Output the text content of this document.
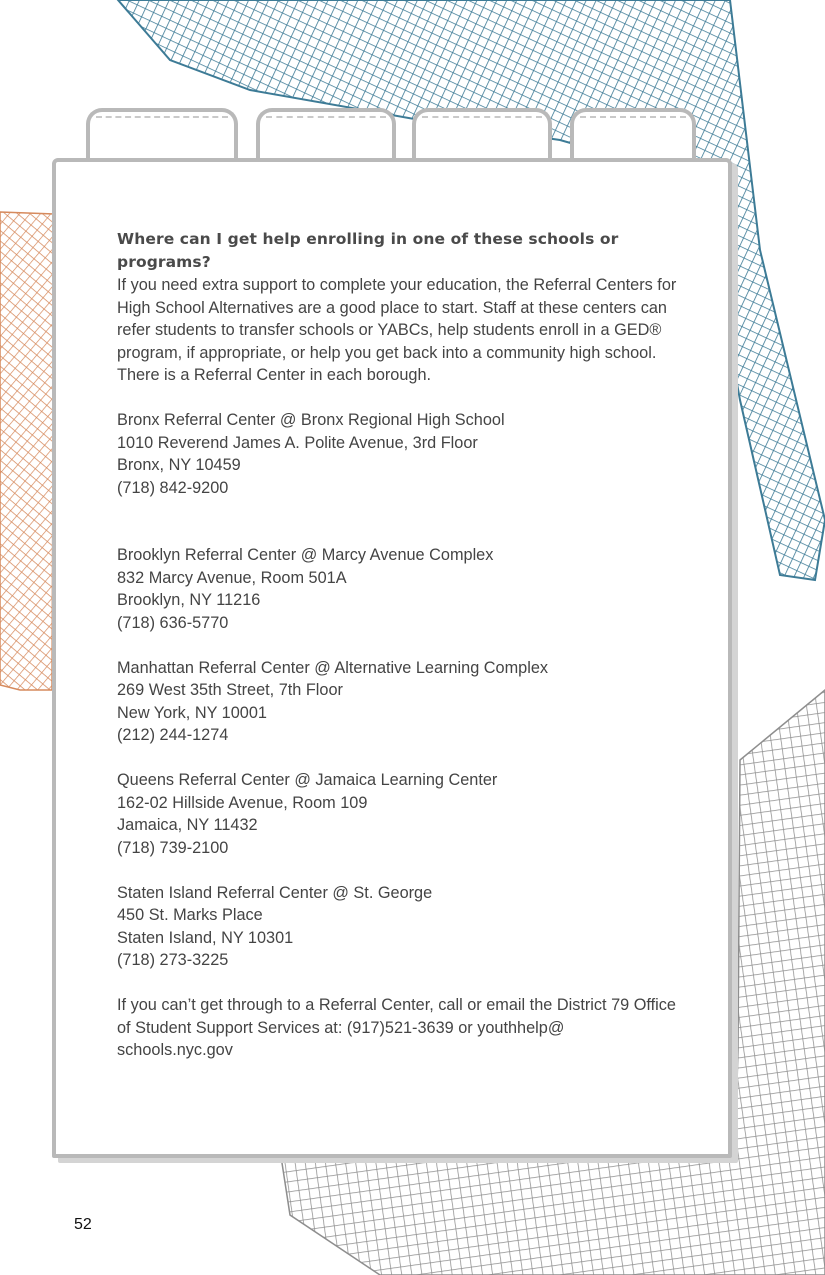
Where can I get help enrolling in one of these schools or programs?

If you need extra support to complete your education, the Referral Centers for High School Alternatives are a good place to start. Staff at these centers can refer students to transfer schools or YABCs, help students enroll in a GED® program, if appropriate, or help you get back into a community high school. There is a Referral Center in each borough.

Bronx Referral Center @ Bronx Regional High School

1010 Reverend James A. Polite Avenue, 3rd Floor

Bronx, NY 10459

(718) 842-9200

Brooklyn Referral Center @ Marcy Avenue Complex

832 Marcy Avenue, Room 501A

Brooklyn, NY 11216

(718) 636-5770

Manhattan Referral Center @ Alternative Learning Complex

269 West 35th Street, 7th Floor

New York, NY 10001

(212) 244-1274

Queens Referral Center @ Jamaica Learning Center

162-02 Hillside Avenue, Room 109

Jamaica, NY 11432

(718) 739-2100

Staten Island Referral Center @ St. George

450 St. Marks Place

Staten Island, NY 10301

(718) 273-3225

If you can’t get through to a Referral Center, call or email the District 79 Office of Student Support Services at: (917)521-3639 or youthhelp@ schools.nyc.gov

52
